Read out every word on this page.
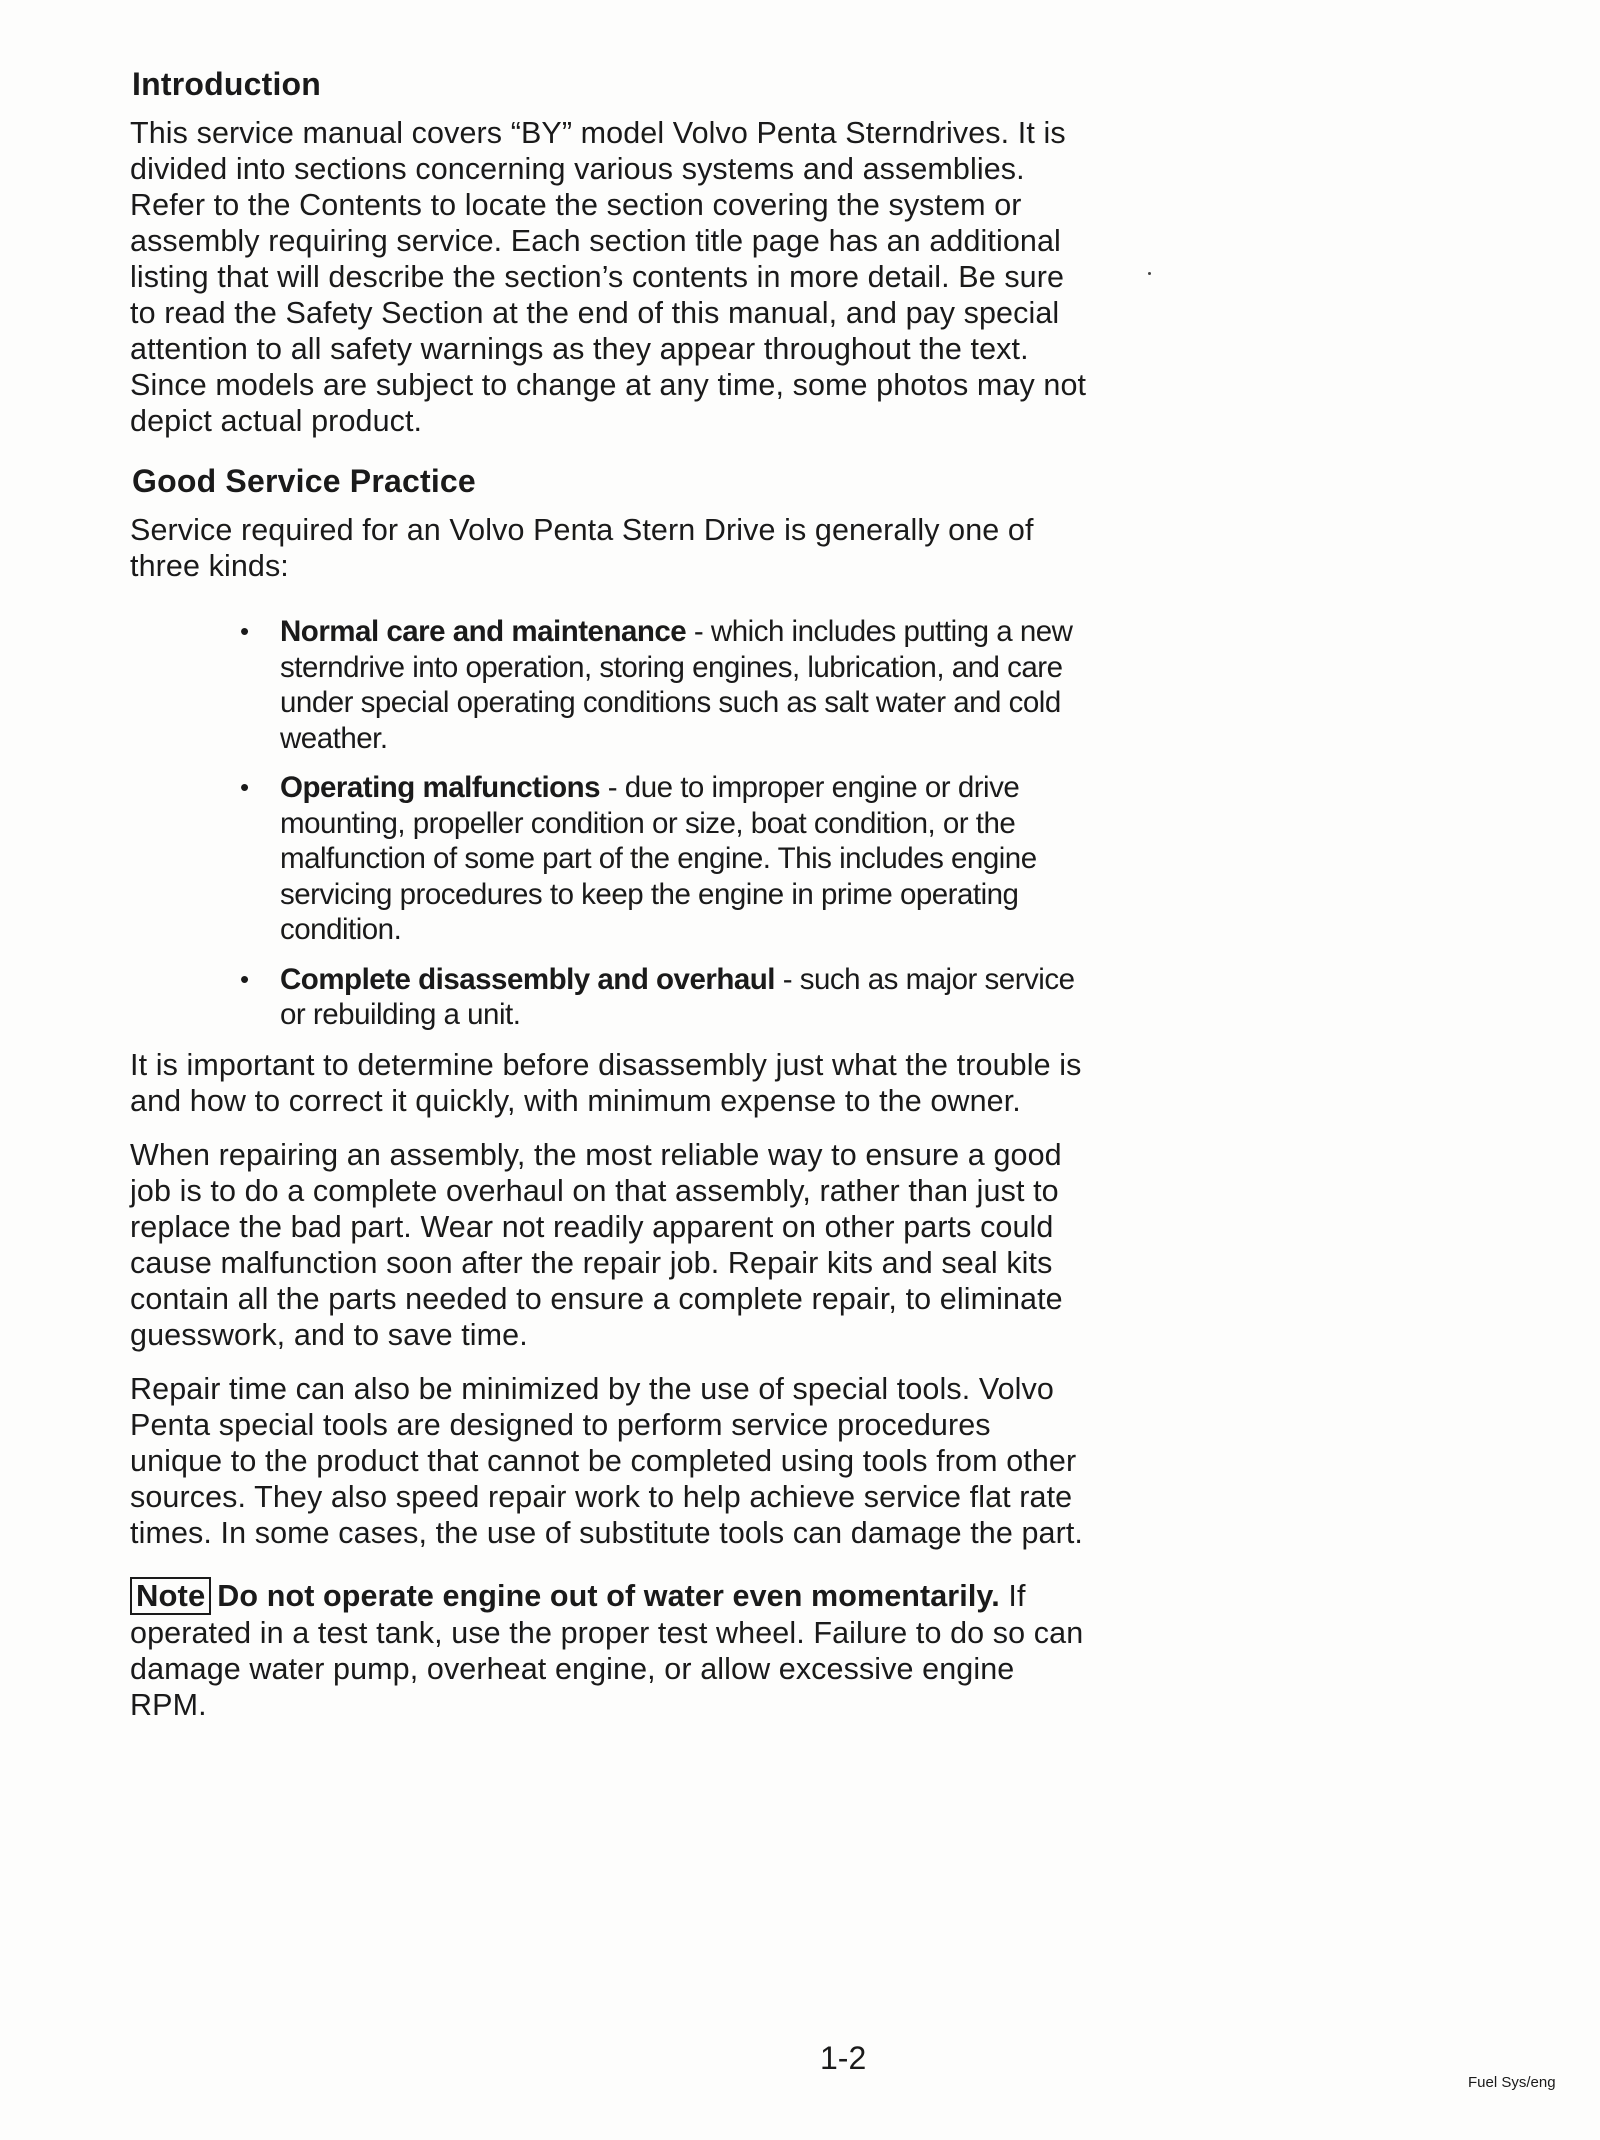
Introduction

This service manual covers “BY” model Volvo Penta Sterndrives. It is divided into sections concerning various systems and assemblies. Refer to the Contents to locate the section covering the system or assembly requiring service. Each section title page has an additional listing that will describe the section’s contents in more detail. Be sure to read the Safety Section at the end of this manual, and pay special attention to all safety warnings as they appear throughout the text. Since models are subject to change at any time, some photos may not depict actual product.

Good Service Practice

Service required for an Volvo Penta Stern Drive is generally one of three kinds:

• Normal care and maintenance - which includes putting a new sterndrive into operation, storing engines, lubrication, and care under special operating conditions such as salt water and cold weather.
• Operating malfunctions - due to improper engine or drive mounting, propeller condition or size, boat condition, or the malfunction of some part of the engine. This includes engine servicing procedures to keep the engine in prime operating condition.
• Complete disassembly and overhaul - such as major service or rebuilding a unit.

It is important to determine before disassembly just what the trouble is and how to correct it quickly, with minimum expense to the owner.

When repairing an assembly, the most reliable way to ensure a good job is to do a complete overhaul on that assembly, rather than just to replace the bad part. Wear not readily apparent on other parts could cause malfunction soon after the repair job. Repair kits and seal kits contain all the parts needed to ensure a complete repair, to eliminate guesswork, and to save time.

Repair time can also be minimized by the use of special tools. Volvo Penta special tools are designed to perform service procedures unique to the product that cannot be completed using tools from other sources. They also speed repair work to help achieve service flat rate times. In some cases, the use of substitute tools can damage the part.

Note Do not operate engine out of water even momentarily. If operated in a test tank, use the proper test wheel. Failure to do so can damage water pump, overheat engine, or allow excessive engine RPM.

1-2
Fuel Sys/eng
